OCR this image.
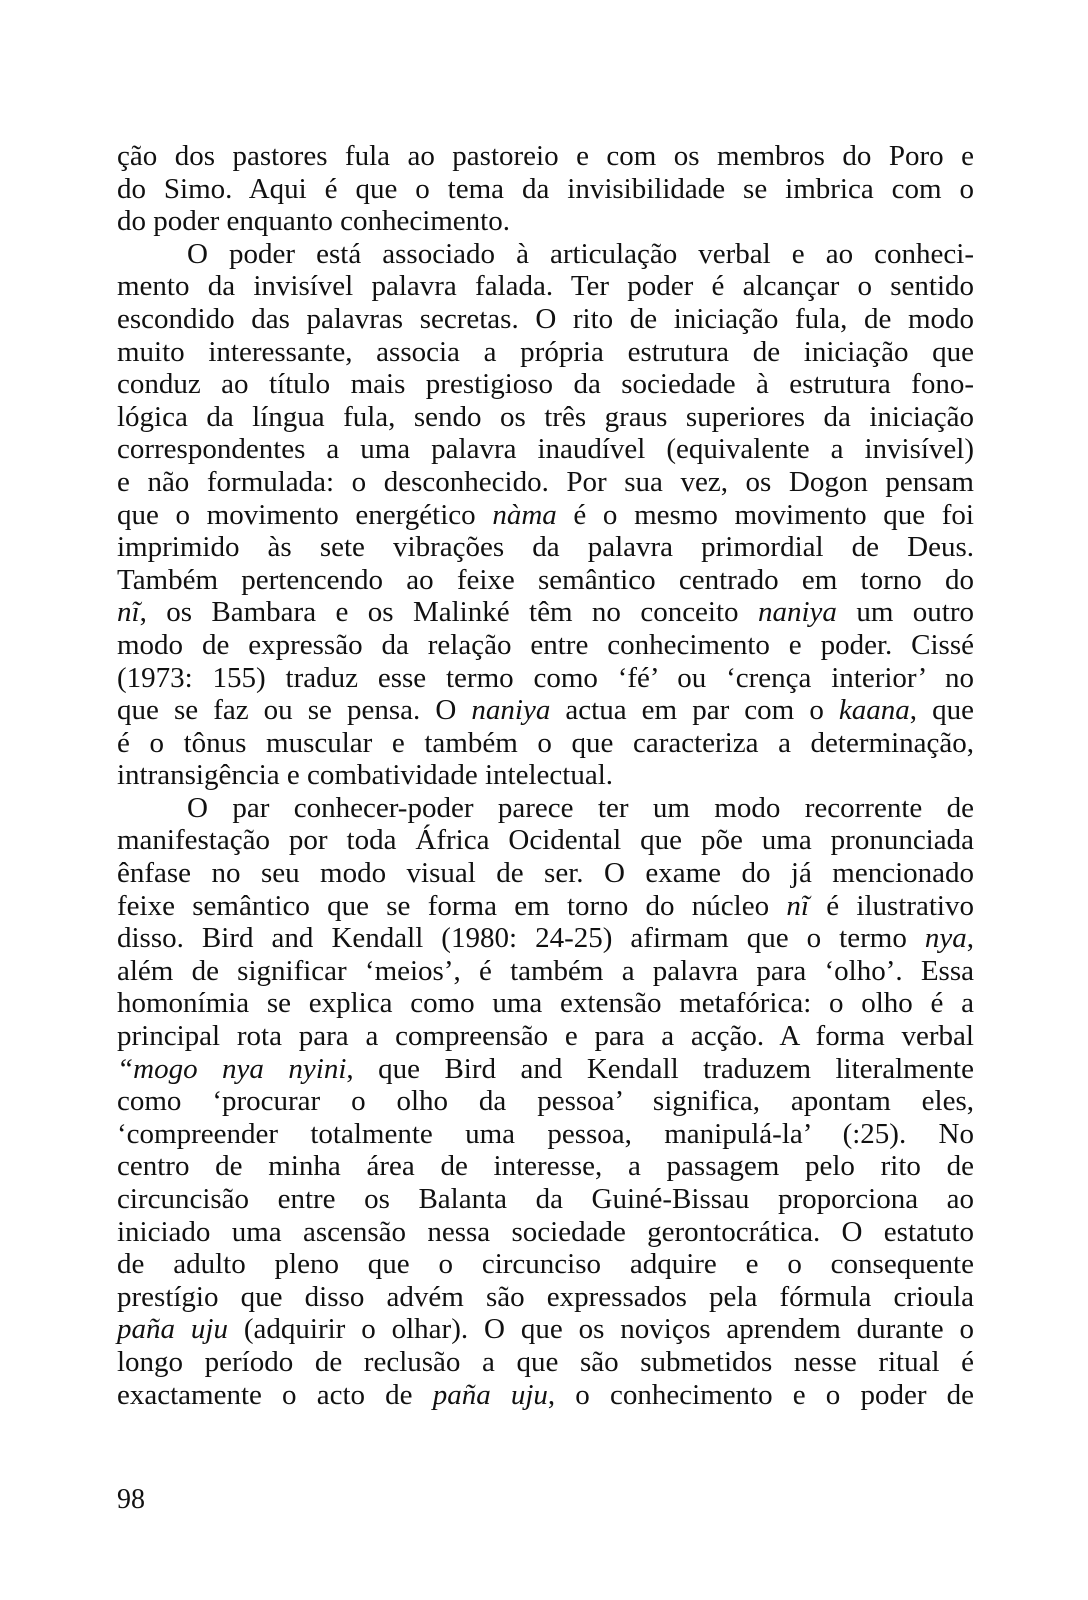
ção dos pastores fula ao pastoreio e com os membros do Poro e
do Simo. Aqui é que o tema da invisibilidade se imbrica com o
do poder enquanto conhecimento.
O poder está associado à articulação verbal e ao conheci-
mento da invisível palavra falada. Ter poder é alcançar o sentido
escondido das palavras secretas. O rito de iniciação fula, de modo
muito interessante, associa a própria estrutura de iniciação que
conduz ao título mais prestigioso da sociedade à estrutura fono-
lógica da língua fula, sendo os três graus superiores da iniciação
correspondentes a uma palavra inaudível (equivalente a invisível)
e não formulada: o desconhecido. Por sua vez, os Dogon pensam
que o movimento energético nàma é o mesmo movimento que foi
imprimido às sete vibrações da palavra primordial de Deus.
Também pertencendo ao feixe semântico centrado em torno do
nĩ, os Bambara e os Malinké têm no conceito naniya um outro
modo de expressão da relação entre conhecimento e poder. Cissé
(1973: 155) traduz esse termo como ‘fé’ ou ‘crença interior’ no
que se faz ou se pensa. O naniya actua em par com o kaana, que
é o tônus muscular e também o que caracteriza a determinação,
intransigência e combatividade intelectual.
O par conhecer-poder parece ter um modo recorrente de
manifestação por toda África Ocidental que põe uma pronunciada
ênfase no seu modo visual de ser. O exame do já mencionado
feixe semântico que se forma em torno do núcleo nĩ é ilustrativo
disso. Bird and Kendall (1980: 24-25) afirmam que o termo nya,
além de significar ‘meios’, é também a palavra para ‘olho’. Essa
homonímia se explica como uma extensão metafórica: o olho é a
principal rota para a compreensão e para a acção. A forma verbal
“mogo nya nyini, que Bird and Kendall traduzem literalmente
como ‘procurar o olho da pessoa’ significa, apontam eles,
‘compreender totalmente uma pessoa, manipulá-la’ (:25). No
centro de minha área de interesse, a passagem pelo rito de
circuncisão entre os Balanta da Guiné-Bissau proporciona ao
iniciado uma ascensão nessa sociedade gerontocrática. O estatuto
de adulto pleno que o circunciso adquire e o consequente
prestígio que disso advém são expressados pela fórmula crioula
paña uju (adquirir o olhar). O que os noviços aprendem durante o
longo período de reclusão a que são submetidos nesse ritual é
exactamente o acto de paña uju, o conhecimento e o poder de
98
